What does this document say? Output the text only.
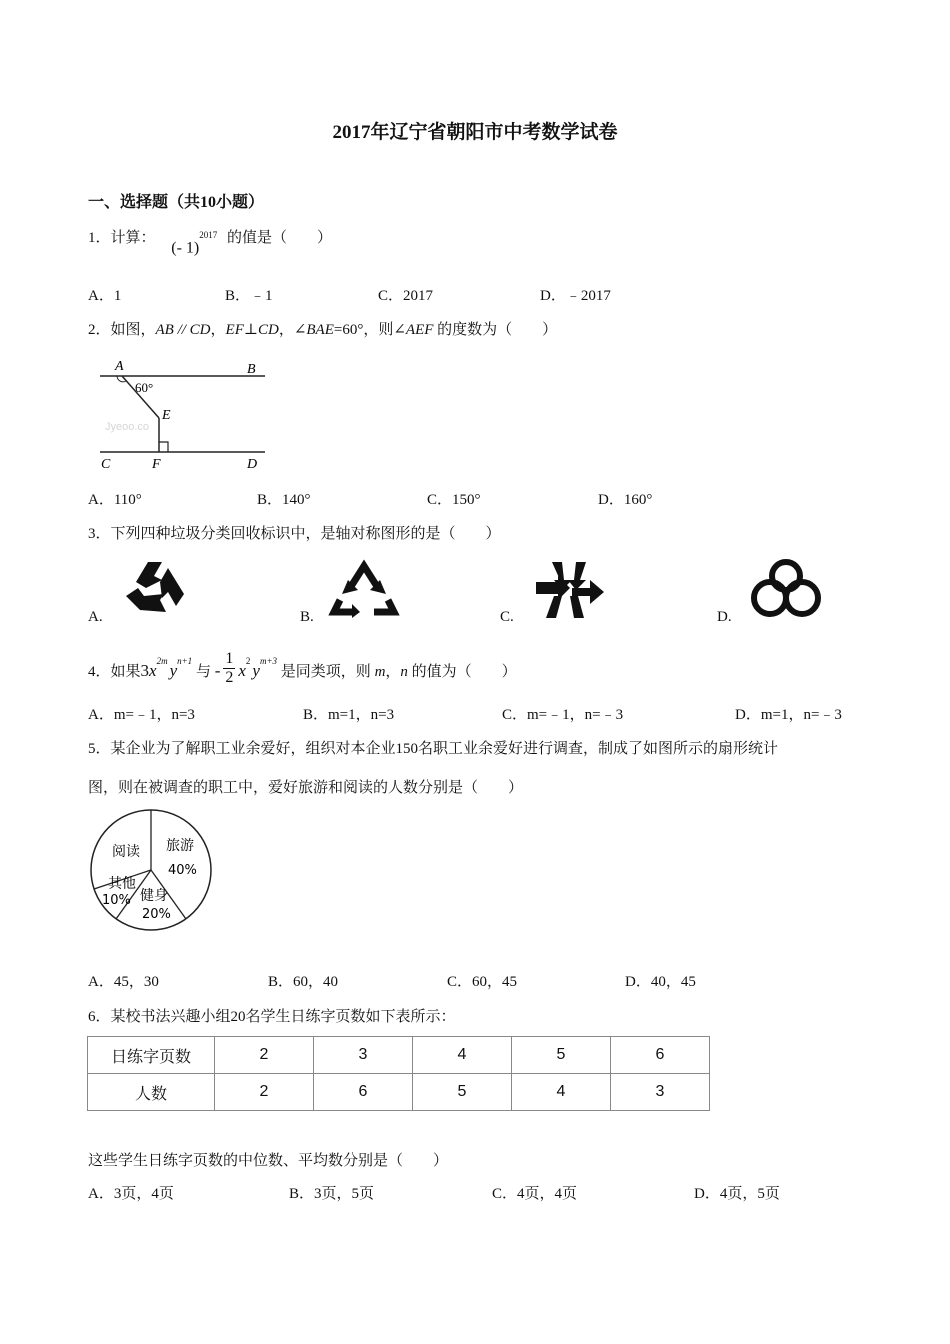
2017年辽宁省朝阳市中考数学试卷
一、选择题（共10小题）
1．计算： (- 1)$^{2017}$ 的值是（　　）
A．1	B．﹣1	C．2017	D．﹣2017
2．如图，AB // CD，EF⊥CD，∠BAE=60°，则∠AEF 的度数为（　　）
A	B
60°
E
Jyeoo.co
C	F	D
A．110°	B．140°	C．150°	D．160°
3．下列四种垃圾分类回收标识中，是轴对称图形的是（　　）
A.	B.	C.	D.
4．如果$3x^{2m}$ $y^{n+1}$ 与 - $\frac{1}{2} x^2$ $y^{m+3}$ 是同类项，则 m，n 的值为（　　）
A．m=﹣1，n=3	B．m=1，n=3	C．m=﹣1，n=﹣3	D．m=1，n=﹣3
5．某企业为了解职工业余爱好，组织对本企业150名职工业余爱好进行调查，制成了如图所示的扇形统计
图，则在被调查的职工中，爱好旅游和阅读的人数分别是（　　）
阅读 旅游
40%
其他
10% 健身
20%
A．45，30	B．60，40	C．60，45	D．40，45
6．某校书法兴趣小组20名学生日练字页数如下表所示：
日练字页数	2	3	4	5	6
人数	2	6	5	4	3
这些学生日练字页数的中位数、平均数分别是（　　）
A．3页，4页	B．3页，5页	C．4页，4页	D．4页，5页
